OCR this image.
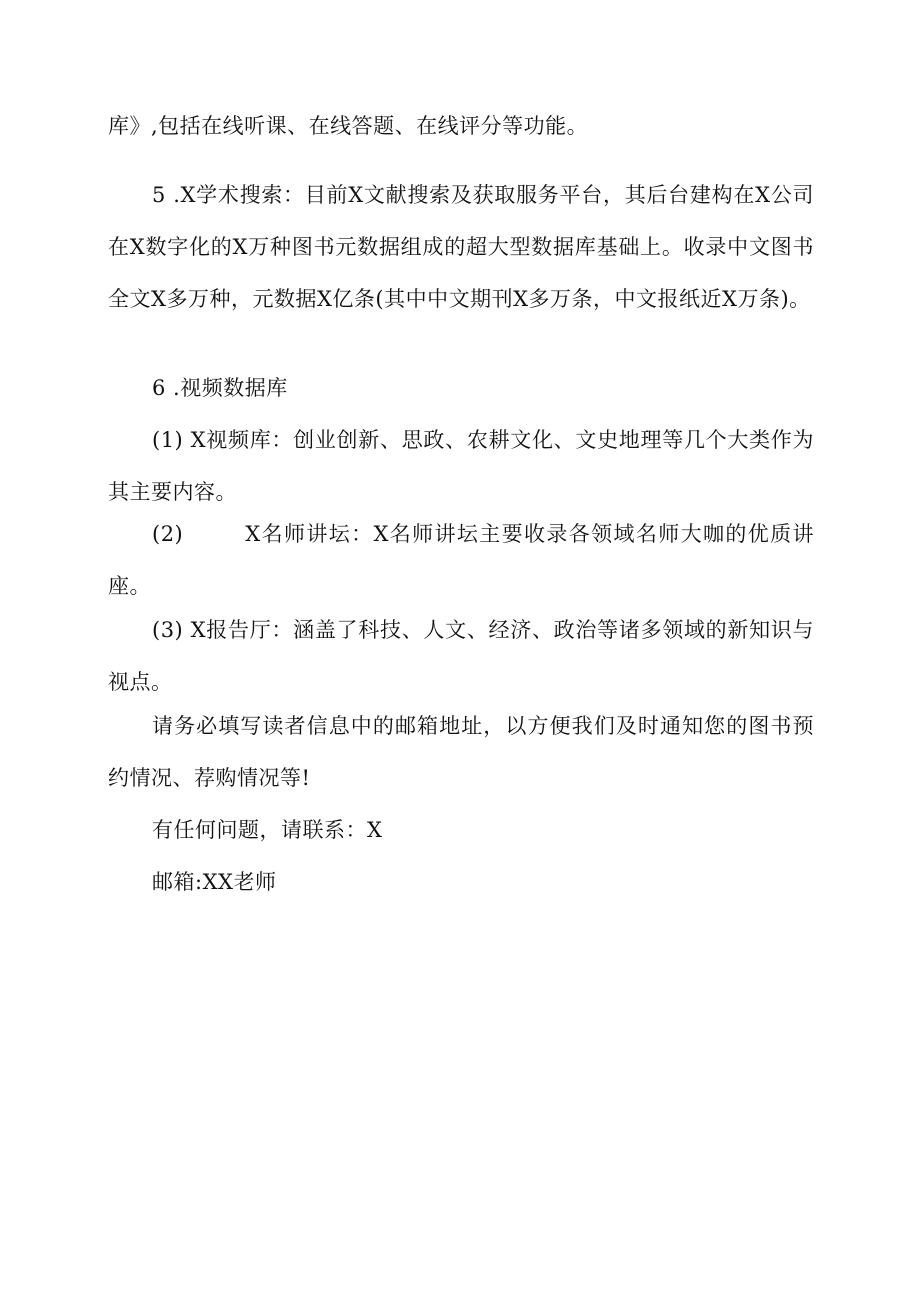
库》,包括在线听课、在线答题、在线评分等功能。

5 .X学术搜索：目前X文献搜索及获取服务平台，其后台建构在X公司在X数字化的X万种图书元数据组成的超大型数据库基础上。收录中文图书全文X多万种，元数据X亿条(其中中文期刊X多万条，中文报纸近X万条)。

6 .视频数据库

(1) X视频库：创业创新、思政、农耕文化、文史地理等几个大类作为其主要内容。

(2)	X名师讲坛：X名师讲坛主要收录各领域名师大咖的优质讲座。

(3) X报告厅：涵盖了科技、人文、经济、政治等诸多领域的新知识与视点。

请务必填写读者信息中的邮箱地址，以方便我们及时通知您的图书预约情况、荐购情况等!

有任何问题，请联系：X

邮箱:XX老师
